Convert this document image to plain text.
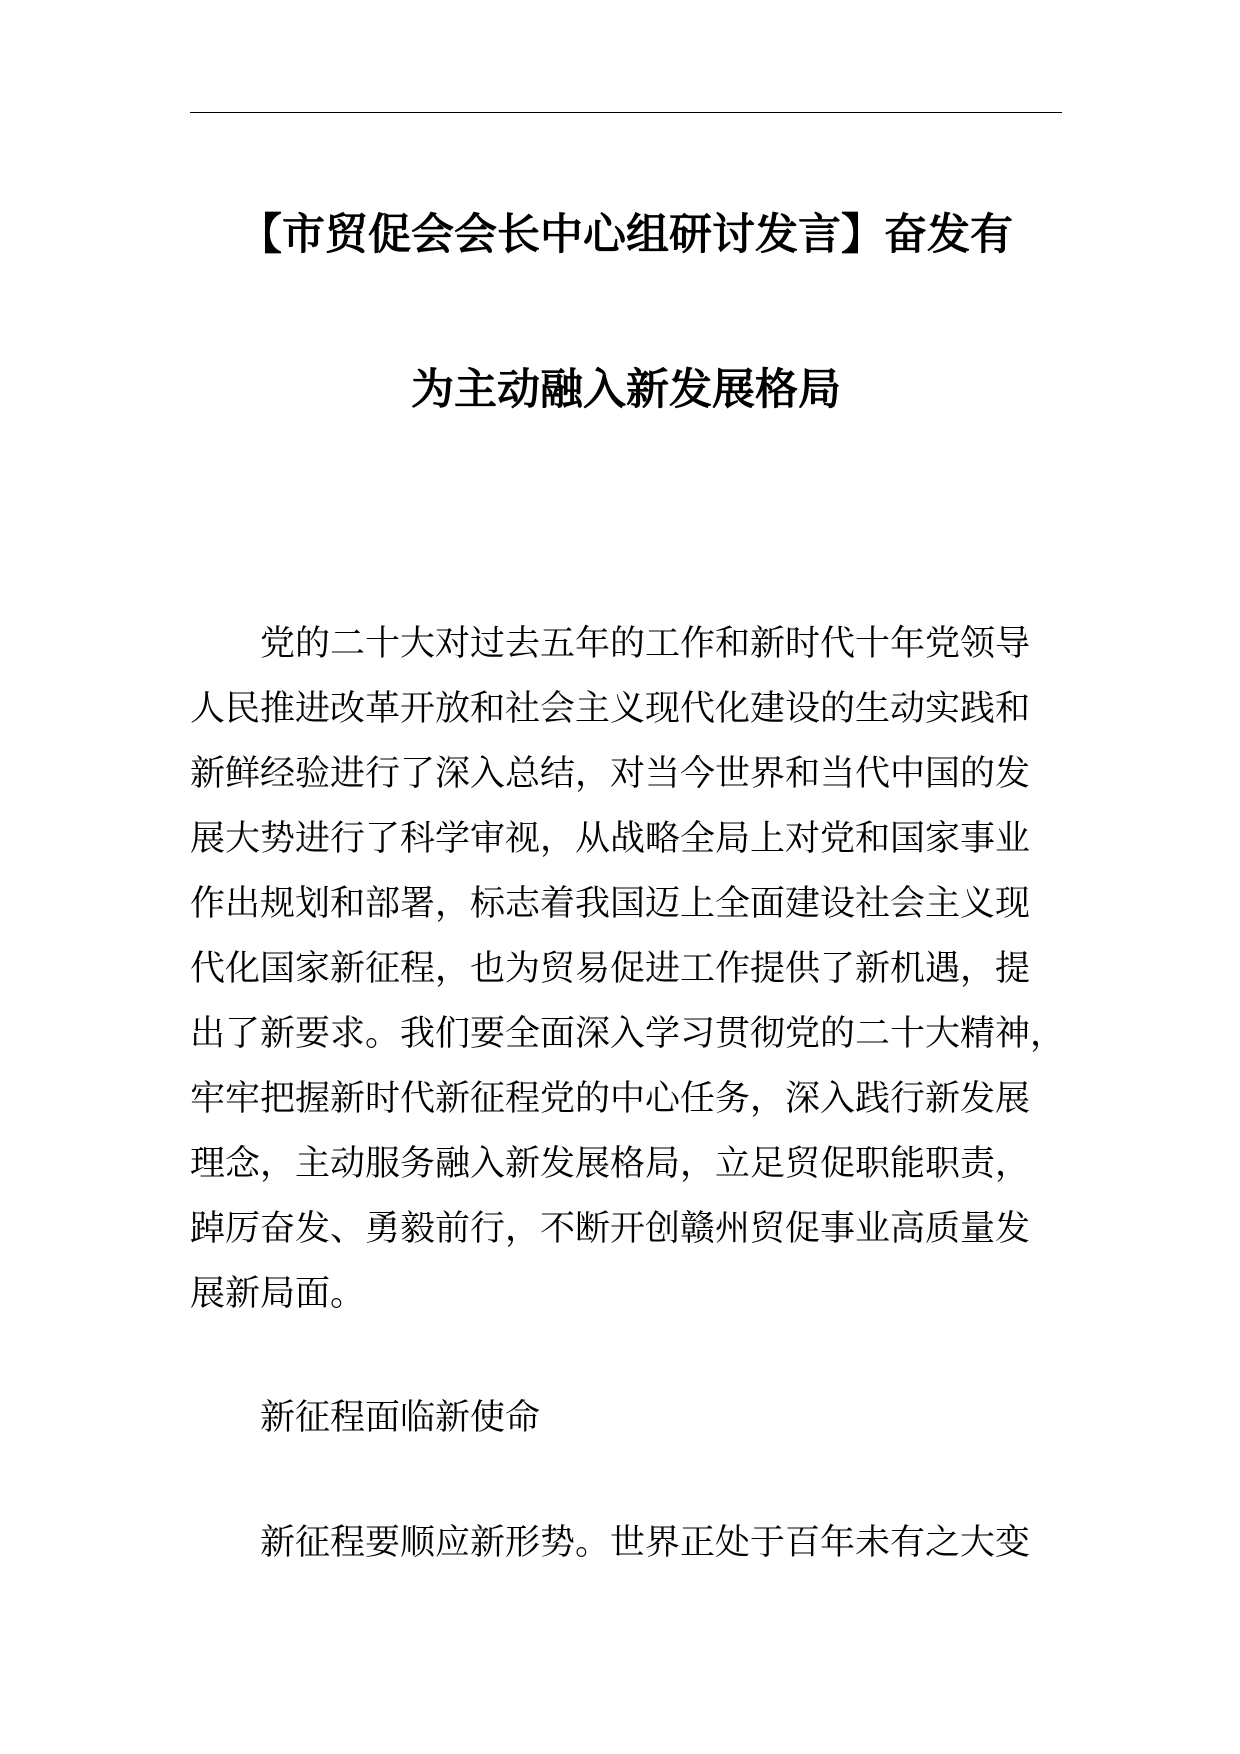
【市贸促会会长中心组研讨发言】奋发有
为主动融入新发展格局
党的二十大对过去五年的工作和新时代十年党领导
人民推进改革开放和社会主义现代化建设的生动实践和
新鲜经验进行了深入总结，对当今世界和当代中国的发
展大势进行了科学审视，从战略全局上对党和国家事业
作出规划和部署，标志着我国迈上全面建设社会主义现
代化国家新征程，也为贸易促进工作提供了新机遇，提
出了新要求。我们要全面深入学习贯彻党的二十大精神，
牢牢把握新时代新征程党的中心任务，深入践行新发展
理念，主动服务融入新发展格局，立足贸促职能职责，
踔厉奋发、勇毅前行，不断开创赣州贸促事业高质量发
展新局面。
新征程面临新使命
新征程要顺应新形势。世界正处于百年未有之大变
